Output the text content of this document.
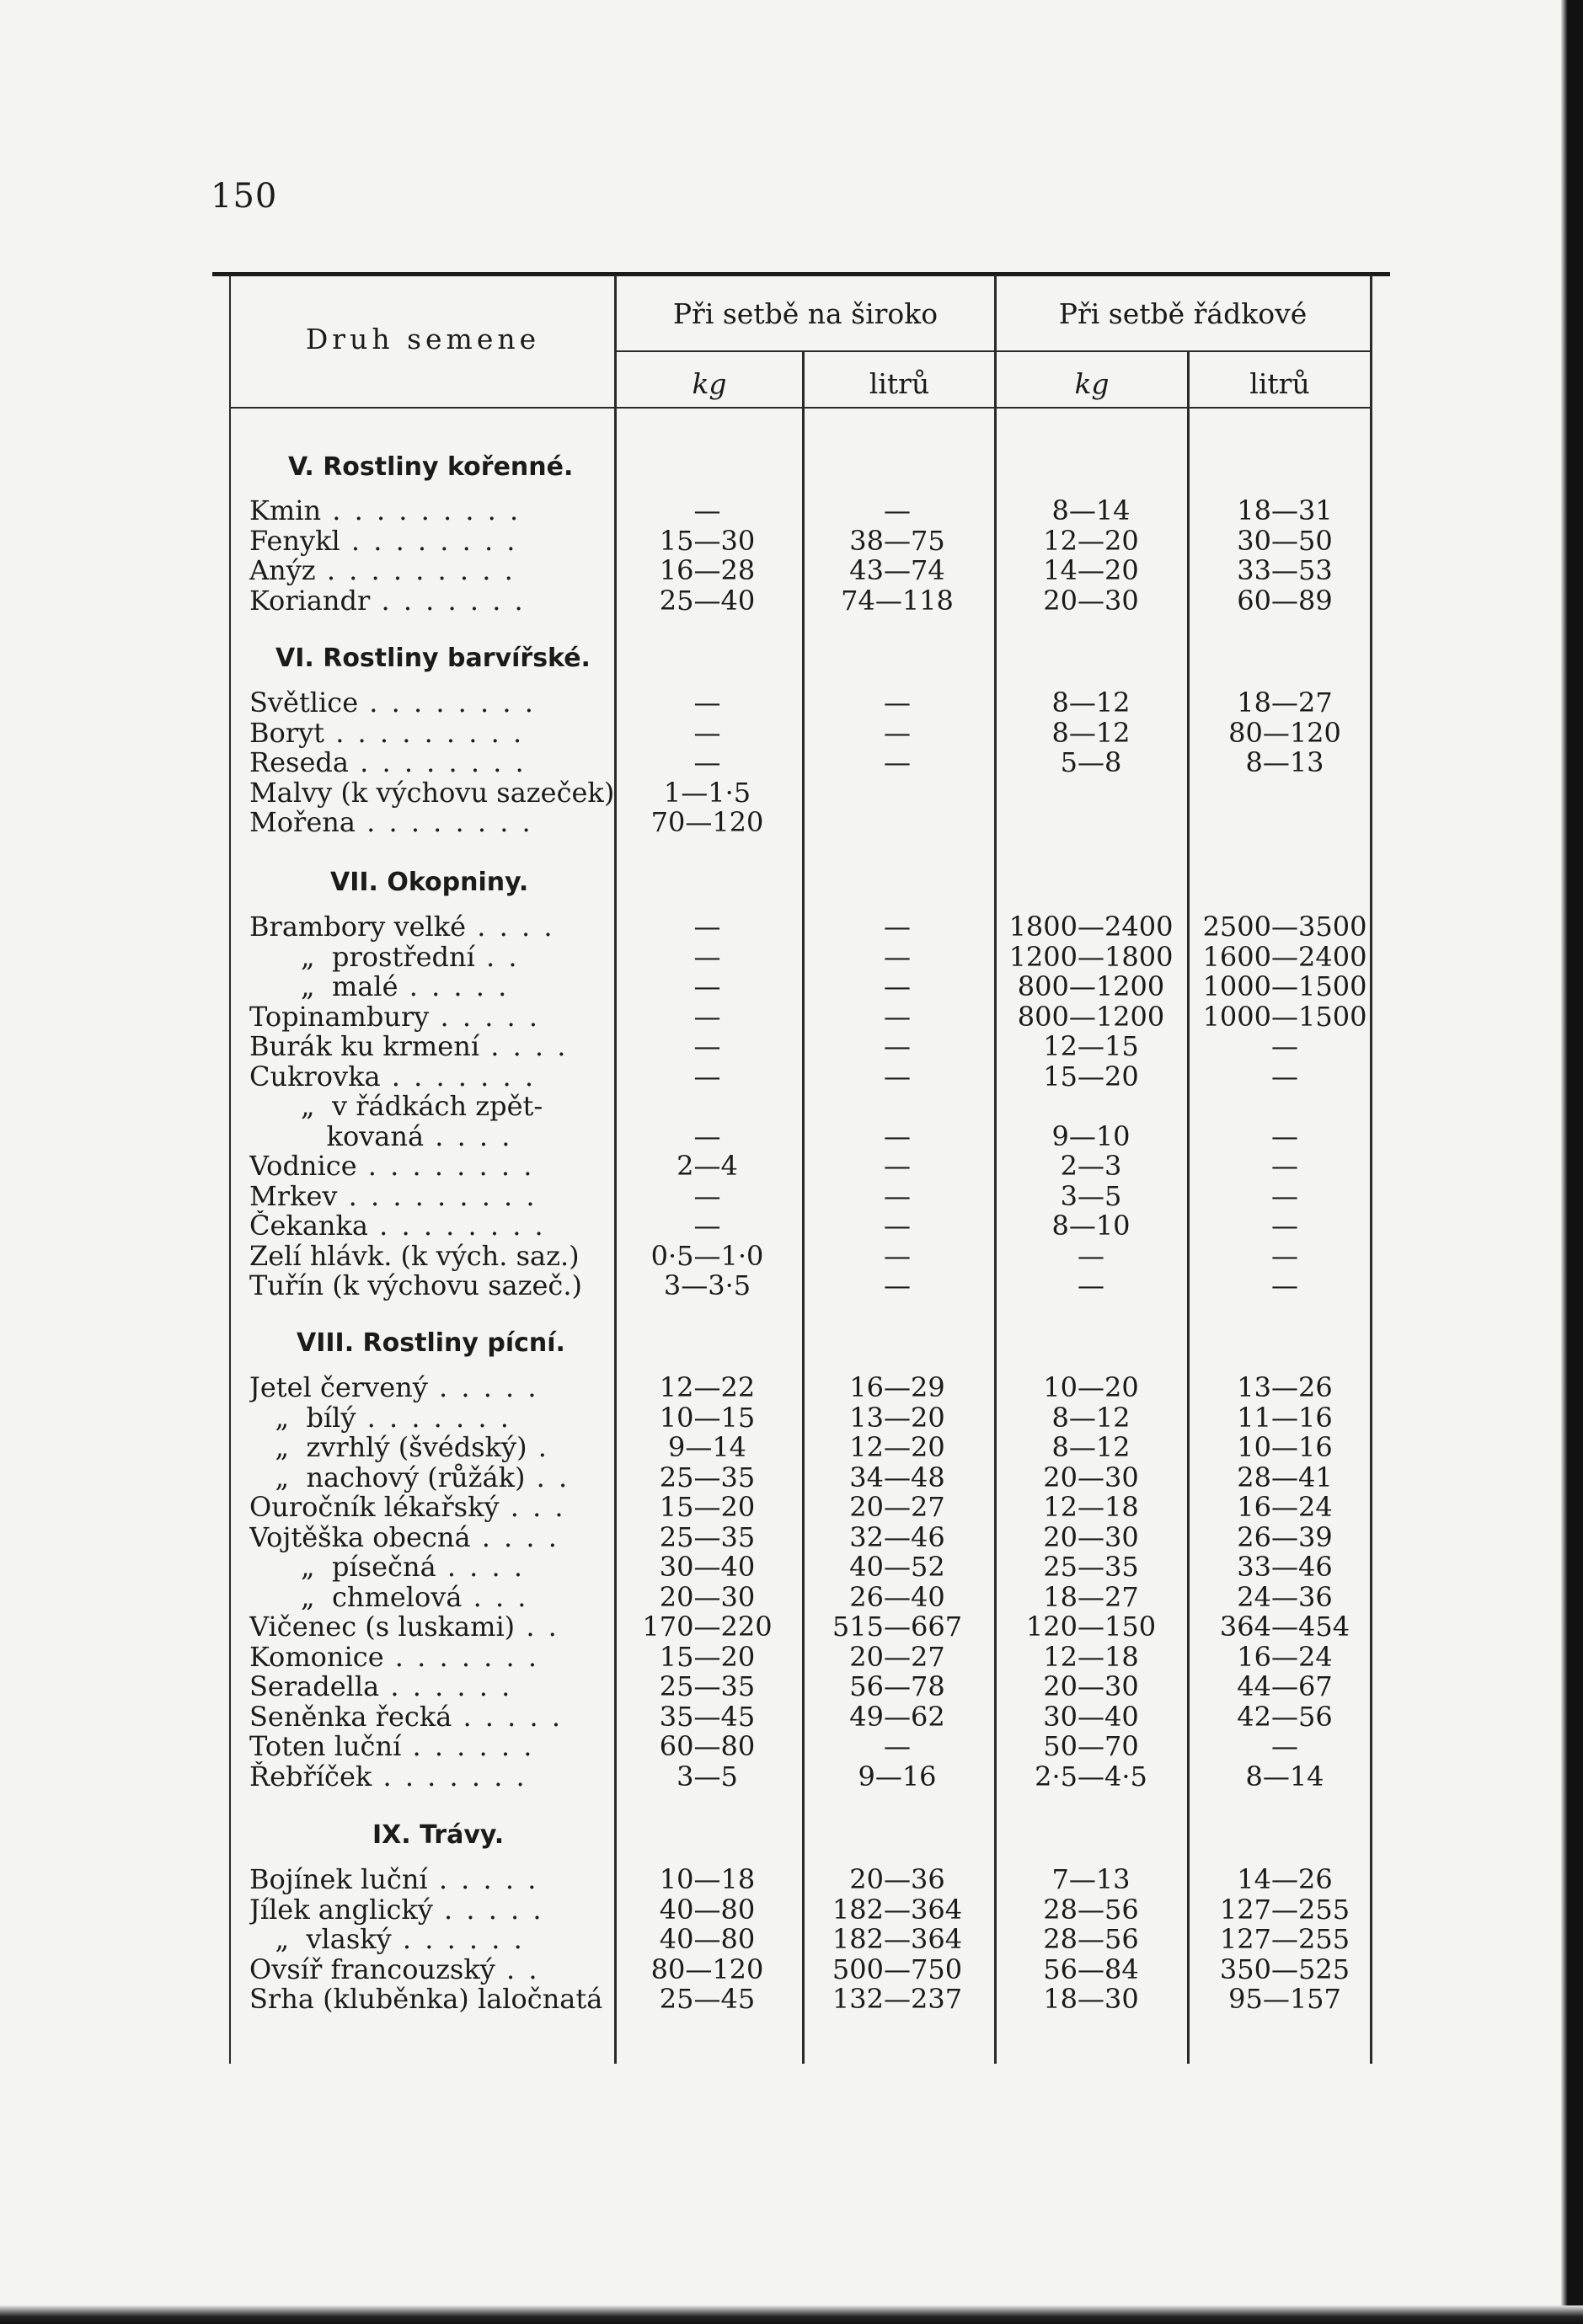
150
Druh semene
Při setbě na široko	Při setbě řádkové
kg	litrů	kg	litrů
V. Rostliny kořenné.
Kmin . . . . . . . . .	—	—	8—14	18—31
Fenykl . . . . . . . .	15—30	38—75	12—20	30—50
Anýz . . . . . . . . .	16—28	43—74	14—20	33—53
Koriandr . . . . . . .	25—40	74—118	20—30	60—89
VI. Rostliny barvířské.
Světlice . . . . . . . .	—	—	8—12	18—27
Boryt . . . . . . . . .	—	—	8—12	80—120
Reseda . . . . . . . .	—	—	5—8	8—13
Malvy (k výchovu sazeček)	1—1·5
Mořena . . . . . . . .	70—120
VII. Okopniny.
Brambory velké . . . .	—	—	1800—2400	2500—3500
„  prostřední . .	—	—	1200—1800	1600—2400
„  malé . . . . .	—	—	800—1200	1000—1500
Topinambury . . . . .	—	—	800—1200	1000—1500
Burák ku krmení . . . .	—	—	12—15	—
Cukrovka . . . . . . .	—	—	15—20	—
„  v řádkách zpět-
kovaná . . . .	—	—	9—10	—
Vodnice . . . . . . . .	2—4	—	2—3	—
Mrkev . . . . . . . . .	—	—	3—5	—
Čekanka . . . . . . . .	—	—	8—10	—
Zelí hlávk. (k vých. saz.)	0·5—1·0	—	—	—
Tuřín (k výchovu sazeč.)	3—3·5	—	—	—
VIII. Rostliny pícní.
Jetel červený . . . . .	12—22	16—29	10—20	13—26
„  bílý . . . . . . .	10—15	13—20	8—12	11—16
„  zvrhlý (švédský) .	9—14	12—20	8—12	10—16
„  nachový (růžák) . .	25—35	34—48	20—30	28—41
Ouročník lékařský . . .	15—20	20—27	12—18	16—24
Vojtěška obecná . . . .	25—35	32—46	20—30	26—39
„  písečná . . . .	30—40	40—52	25—35	33—46
„  chmelová . . .	20—30	26—40	18—27	24—36
Vičenec (s luskami) . .	170—220	515—667	120—150	364—454
Komonice . . . . . . .	15—20	20—27	12—18	16—24
Seradella . . . . . .	25—35	56—78	20—30	44—67
Seněnka řecká . . . . .	35—45	49—62	30—40	42—56
Toten luční . . . . . .	60—80	—	50—70	—
Řebříček . . . . . . .	3—5	9—16	2·5—4·5	8—14
IX. Trávy.
Bojínek luční . . . . .	10—18	20—36	7—13	14—26
Jílek anglický . . . . .	40—80	182—364	28—56	127—255
„  vlaský . . . . . .	40—80	182—364	28—56	127—255
Ovsíř francouzský . .	80—120	500—750	56—84	350—525
Srha (kluběnka) laločnatá	25—45	132—237	18—30	95—157
